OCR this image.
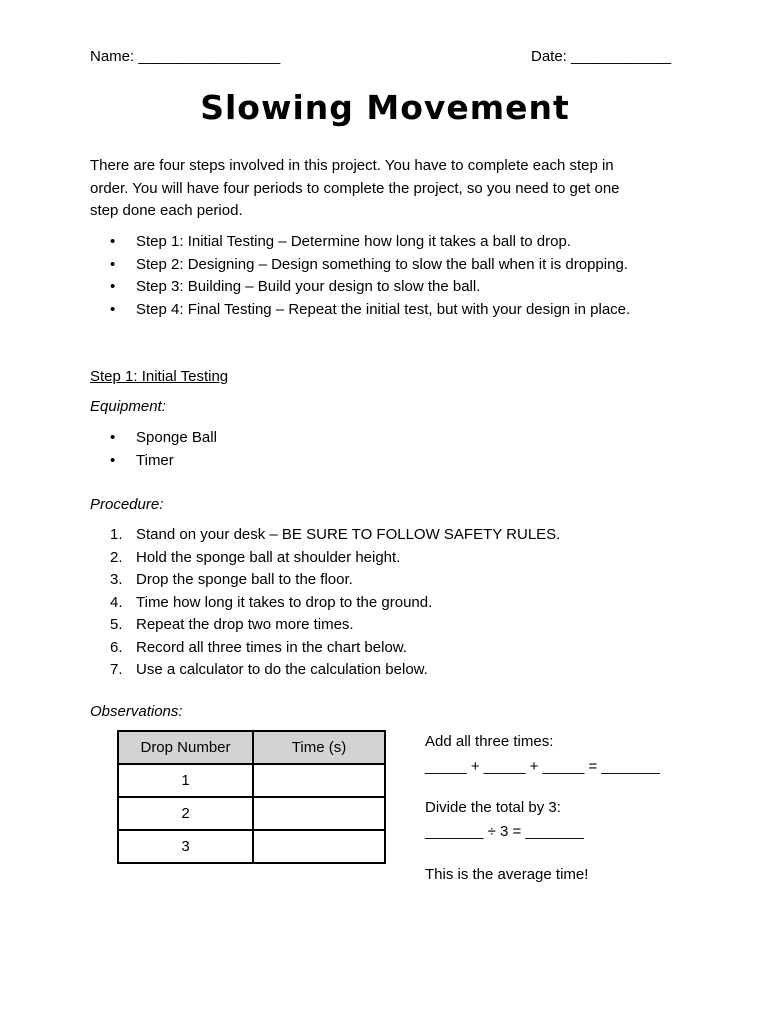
Name: _________________	Date: ____________
Slowing Movement
There are four steps involved in this project. You have to complete each step in
order. You will have four periods to complete the project, so you need to get one
step done each period.
• Step 1: Initial Testing – Determine how long it takes a ball to drop.
• Step 2: Designing – Design something to slow the ball when it is dropping.
• Step 3: Building – Build your design to slow the ball.
• Step 4: Final Testing – Repeat the initial test, but with your design in place.
Step 1: Initial Testing
Equipment:
• Sponge Ball
• Timer
Procedure:
1. Stand on your desk – BE SURE TO FOLLOW SAFETY RULES.
2. Hold the sponge ball at shoulder height.
3. Drop the sponge ball to the floor.
4. Time how long it takes to drop to the ground.
5. Repeat the drop two more times.
6. Record all three times in the chart below.
7. Use a calculator to do the calculation below.
Observations:
Drop Number	Time (s)
1	
2	
3	
Add all three times:
_____ + _____ + _____ = _______
Divide the total by 3:
_______ ÷ 3 = _______
This is the average time!
